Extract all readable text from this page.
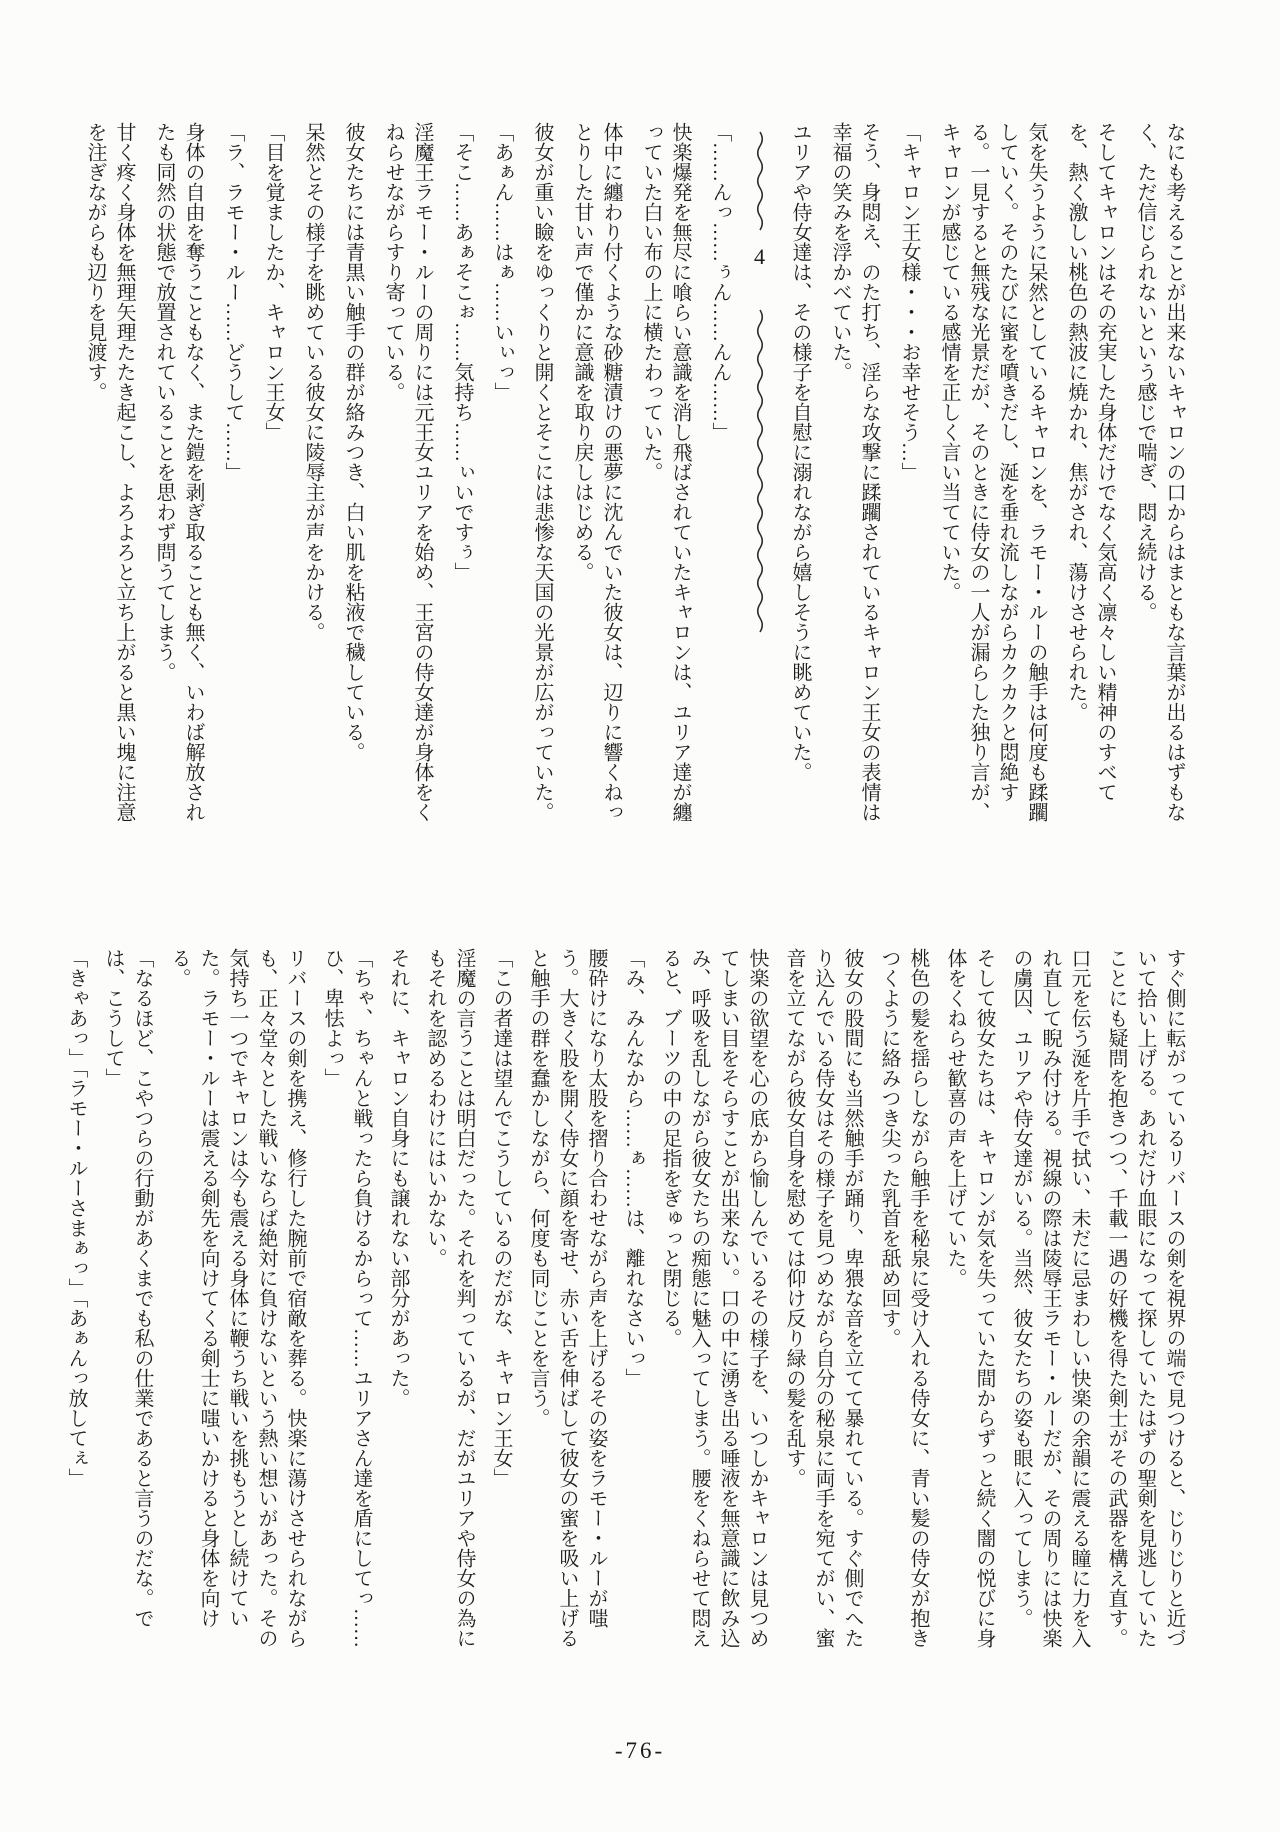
なにも考えることが出来ないキャロンの口からはまともな言葉が出るはずもなく、ただ信じられないという感じで喘ぎ、悶え続ける。

そしてキャロンはその充実した身体だけでなく気高く凛々しい精神のすべてを、熱く激しい桃色の熱波に焼かれ、焦がされ、蕩けさせられた。

気を失うように呆然としているキャロンを、ラモー・ルーの触手は何度も蹂躙していく。そのたびに蜜を噴きだし、涎を垂れ流しながらカクカクと悶絶する。一見すると無残な光景だが、そのときに侍女の一人が漏らした独り言が、キャロンが感じている感情を正しく言い当てていた。

「キャロン王女様・・・お幸せそう…」

そう、身悶え、のた打ち、淫らな攻撃に蹂躙されているキャロン王女の表情は幸福の笑みを浮かべていた。

ユリアや侍女達は、その様子を自慰に溺れながら嬉しそうに眺めていた。

4

「……んっ……ぅん……んん……」

快楽爆発を無尽に喰らい意識を消し飛ばされていたキャロンは、ユリア達が纏っていた白い布の上に横たわっていた。

体中に纏わり付くような砂糖漬けの悪夢に沈んでいた彼女は、辺りに響くねっとりした甘い声で僅かに意識を取り戻しはじめる。

彼女が重い瞼をゆっくりと開くとそこには悲惨な天国の光景が広がっていた。

「あぁん……はぁ……いぃっ」

「そこ……あぁそこぉ……気持ち……ぃいですぅ」

淫魔王ラモー・ルーの周りには元王女ユリアを始め、王宮の侍女達が身体をくねらせながらすり寄っている。

彼女たちには青黒い触手の群が絡みつき、白い肌を粘液で穢している。

呆然とその様子を眺めている彼女に陵辱主が声をかける。

「目を覚ましたか、キャロン王女」

「ラ、ラモー・ルー……どうして……」

身体の自由を奪うこともなく、また鎧を剥ぎ取ることも無く、いわば解放されたも同然の状態で放置されていることを思わず問うてしまう。

甘く疼く身体を無理矢理たたき起こし、よろよろと立ち上がると黒い塊に注意を注ぎながらも辺りを見渡す。

すぐ側に転がっているリバースの剣を視界の端で見つけると、じりじりと近づいて拾い上げる。あれだけ血眼になって探していたはずの聖剣を見逃していたことにも疑問を抱きつつ、千載一遇の好機を得た剣士がその武器を構え直す。

口元を伝う涎を片手で拭い、未だに忌まわしい快楽の余韻に震える瞳に力を入れ直して睨み付ける。視線の際は陵辱王ラモー・ルーだが、その周りには快楽の虜囚、ユリアや侍女達がいる。当然、彼女たちの姿も眼に入ってしまう。

そして彼女たちは、キャロンが気を失っていた間からずっと続く闇の悦びに身体をくねらせ歓喜の声を上げていた。

桃色の髪を揺らしながら触手を秘泉に受け入れる侍女に、青い髪の侍女が抱きつくように絡みつき尖った乳首を舐め回す。

彼女の股間にも当然触手が踊り、卑猥な音を立てて暴れている。すぐ側でへたり込んでいる侍女はその様子を見つめながら自分の秘泉に両手を宛てがい、蜜音を立てながら彼女自身を慰めては仰け反り緑の髪を乱す。

快楽の欲望を心の底から愉しんでいるその様子を、いつしかキャロンは見つめてしまい目をそらすことが出来ない。口の中に湧き出る唾液を無意識に飲み込み、呼吸を乱しながら彼女たちの痴態に魅入ってしまう。腰をくねらせて悶えると、ブーツの中の足指をぎゅっと閉じる。

「み、みんなから……ぁ……は、離れなさいっ」

腰砕けになり太股を摺り合わせながら声を上げるその姿をラモー・ルーが嗤う。大きく股を開く侍女に顔を寄せ、赤い舌を伸ばして彼女の蜜を吸い上げると触手の群を蠢かしながら、何度も同じことを言う。

「この者達は望んでこうしているのだがな、キャロン王女」

淫魔の言うことは明白だった。それを判っているが、だがユリアや侍女の為にもそれを認めるわけにはいかない。

それに、キャロン自身にも譲れない部分があった。

「ちゃ、ちゃんと戦ったら負けるからって……ユリアさん達を盾にしてっ……ひ、卑怯よっ」

リバースの剣を携え、修行した腕前で宿敵を葬る。快楽に蕩けさせられながらも、正々堂々とした戦いならば絶対に負けないという熱い想いがあった。その気持ち一つでキャロンは今も震える身体に鞭うち戦いを挑もうとし続けていた。ラモー・ルーは震える剣先を向けてくる剣士に嗤いかけると身体を向ける。

「なるほど、こやつらの行動があくまでも私の仕業であると言うのだな。では、こうして」

「きゃあっ」「ラモー・ルーさまぁっ」「あぁんっ放してぇ」

-76-
